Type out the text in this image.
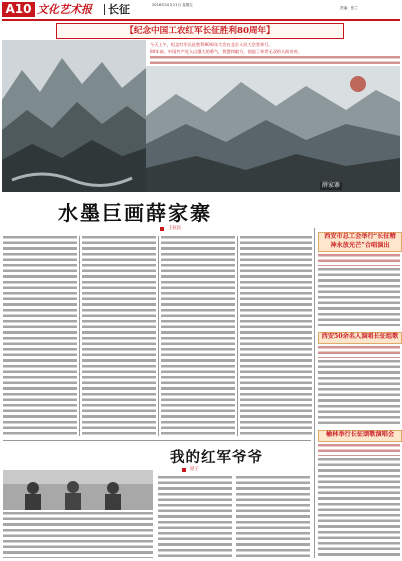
A10 文化艺术报 长征	2016年10月21日 星期五
责编：张兰
【纪念中国工农红军长征胜利80周年】
今天上午，纪念红军长征胜利80周年大会在北京人民大会堂举行。
80年前，中国共产党人以强大的勇气，智慧和毅力，创造了举世无双的人间奇迹。
薛家寨
水墨巨画薛家寨
王抗民
西安市总工会举行“长征精
神永放光芒”合唱演出
西安50余名人演唱长征组歌
榆林举行长征颂歌演唱会
我的红军爷爷
原子
